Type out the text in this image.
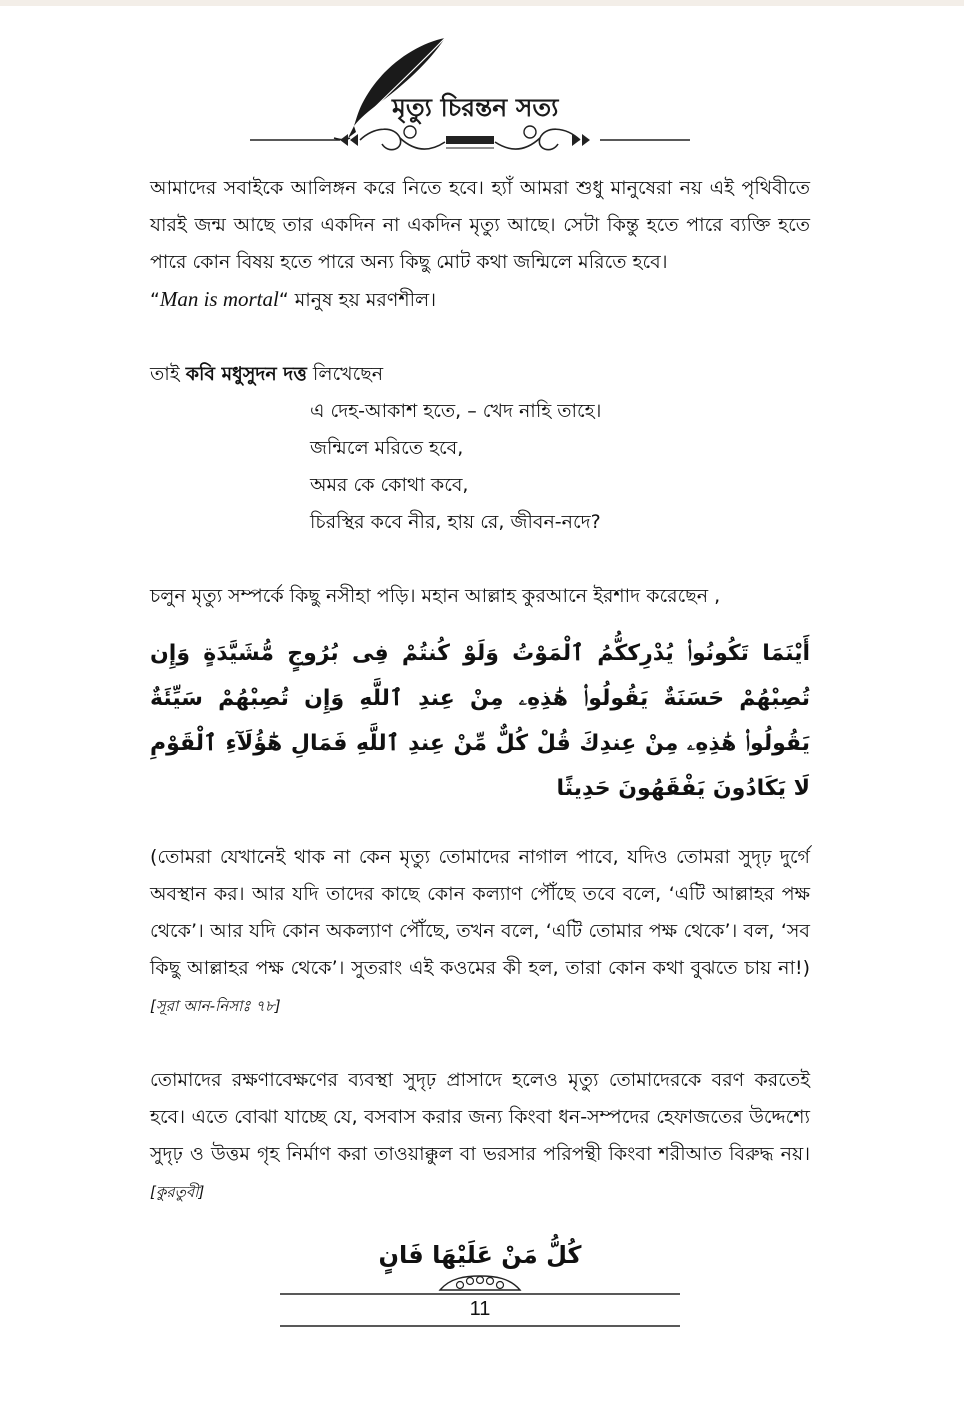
মৃত্যু চিরন্তন সত্য

আমাদের সবাইকে আলিঙ্গন করে নিতে হবে। হ্যাঁ আমরা শুধু মানুষেরা নয় এই পৃথিবীতে যারই জন্ম আছে তার একদিন না একদিন মৃত্যু আছে। সেটা কিন্তু হতে পারে ব্যক্তি হতে পারে কোন বিষয় হতে পারে অন্য কিছু মোট কথা জন্মিলে মরিতে হবে।
“Man is mortal“ মানুষ হয় মরণশীল।

তাই কবি মধুসুদন দত্ত লিখেছেন

এ দেহ-আকাশ হতে, – খেদ নাহি তাহে।
জন্মিলে মরিতে হবে,
অমর কে কোথা কবে,
চিরস্থির কবে নীর, হায় রে, জীবন-নদে?

চলুন মৃত্যু সম্পর্কে কিছু নসীহা পড়ি। মহান আল্লাহ কুরআনে ইরশাদ করেছেন ,

أَيْنَمَا تَكُونُوا۟ يُدْرِككُّمُ ٱلْمَوْتُ وَلَوْ كُنتُمْ فِى بُرُوجٍ مُّشَيَّدَةٍ وَإِن تُصِبْهُمْ حَسَنَةٌ يَقُولُوا۟ هَٰذِهِۦ مِنْ عِندِ ٱللَّهِ وَإِن تُصِبْهُمْ سَيِّئَةٌ يَقُولُوا۟ هَٰذِهِۦ مِنْ عِندِكَ قُلْ كُلٌّ مِّنْ عِندِ ٱللَّهِ فَمَالِ هَٰٓؤُلَآءِ ٱلْقَوْمِ لَا يَكَادُونَ يَفْقَهُونَ حَدِيثًا

(তোমরা যেখানেই থাক না কেন মৃত্যু তোমাদের নাগাল পাবে, যদিও তোমরা সুদৃঢ় দুর্গে অবস্থান কর। আর যদি তাদের কাছে কোন কল্যাণ পৌঁছে তবে বলে, ‘এটি আল্লাহর পক্ষ থেকে’। আর যদি কোন অকল্যাণ পৌঁছে, তখন বলে, ‘এটি তোমার পক্ষ থেকে’। বল, ‘সব কিছু আল্লাহর পক্ষ থেকে’। সুতরাং এই কওমের কী হল, তারা কোন কথা বুঝতে চায় না!) [সূরা আন-নিসাঃ ৭৮]

তোমাদের রক্ষণাবেক্ষণের ব্যবস্থা সুদৃঢ় প্রাসাদে হলেও মৃত্যু তোমাদেরকে বরণ করতেই হবে। এতে বোঝা যাচ্ছে যে, বসবাস করার জন্য কিংবা ধন-সম্পদের হেফাজতের উদ্দেশ্যে সুদৃঢ় ও উত্তম গৃহ নির্মাণ করা তাওয়াক্কুল বা ভরসার পরিপন্থী কিংবা শরীআত বিরুদ্ধ নয়। [কুরতুবী]

كُلُّ مَنْ عَلَيْهَا فَانٍ
11
